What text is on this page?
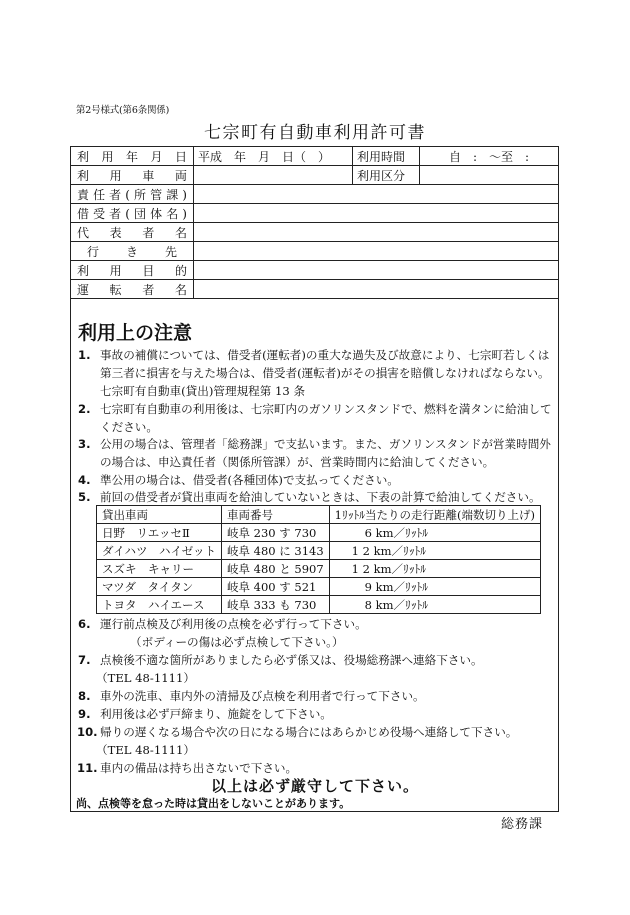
第2号様式(第6条関係)
七宗町有自動車利用許可書
利 用 年 月 日	平成　年　月　日（　）	利用時間	自　:　～至　:

利 用 車 両		利用区分	

責任者(所管課)			

借受者(団体名)			

代 表 者 名			

行 き 先			

利 用 目 的			

運 転 者 名			

利用上の注意
1. 事故の補償については、借受者(運転者)の重大な過失及び故意により、七宗町若しくは第三者に損害を与えた場合は、借受者(運転者)がその損害を賠償しなければならない。七宗町有自動車(貸出)管理規程第 13 条
2. 七宗町有自動車の利用後は、七宗町内のガソリンスタンドで、燃料を満タンに給油してください。
3. 公用の場合は、管理者「総務課」で支払います。また、ガソリンスタンドが営業時間外の場合は、申込責任者（関係所管課）が、営業時間内に給油してください。
4. 準公用の場合は、借受者(各種団体)で支払ってください。
5. 前回の借受者が貸出車両を給油していないときは、下表の計算で給油してください。
貸出車両	車両番号	1ﾘｯﾄﾙ当たりの走行距離(端数切り上げ)
日野　リエッセⅡ	岐阜 230 す 730	6 km／ﾘｯﾄﾙ
ダイハツ　ハイゼット	岐阜 480 に 3143	1 2 km／ﾘｯﾄﾙ
スズキ　キャリー	岐阜 480 と 5907	1 2 km／ﾘｯﾄﾙ
マツダ　タイタン	岐阜 400 す 521	9 km／ﾘｯﾄﾙ
トヨタ　ハイエース	岐阜 333 も 730	8 km／ﾘｯﾄﾙ
6. 運行前点検及び利用後の点検を必ず行って下さい。
（ボディーの傷は必ず点検して下さい。）
7. 点検後不適な箇所がありましたら必ず係又は、役場総務課へ連絡下さい。
（TEL 48-1111）
8. 車外の洗車、車内外の清掃及び点検を利用者で行って下さい。
9. 利用後は必ず戸締まり、施錠をして下さい。
10. 帰りの遅くなる場合や次の日になる場合にはあらかじめ役場へ連絡して下さい。
（TEL 48-1111）
11. 車内の備品は持ち出さないで下さい。
以上は必ず厳守して下さい。
尚、点検等を怠った時は貸出をしないことがあります。
総務課
